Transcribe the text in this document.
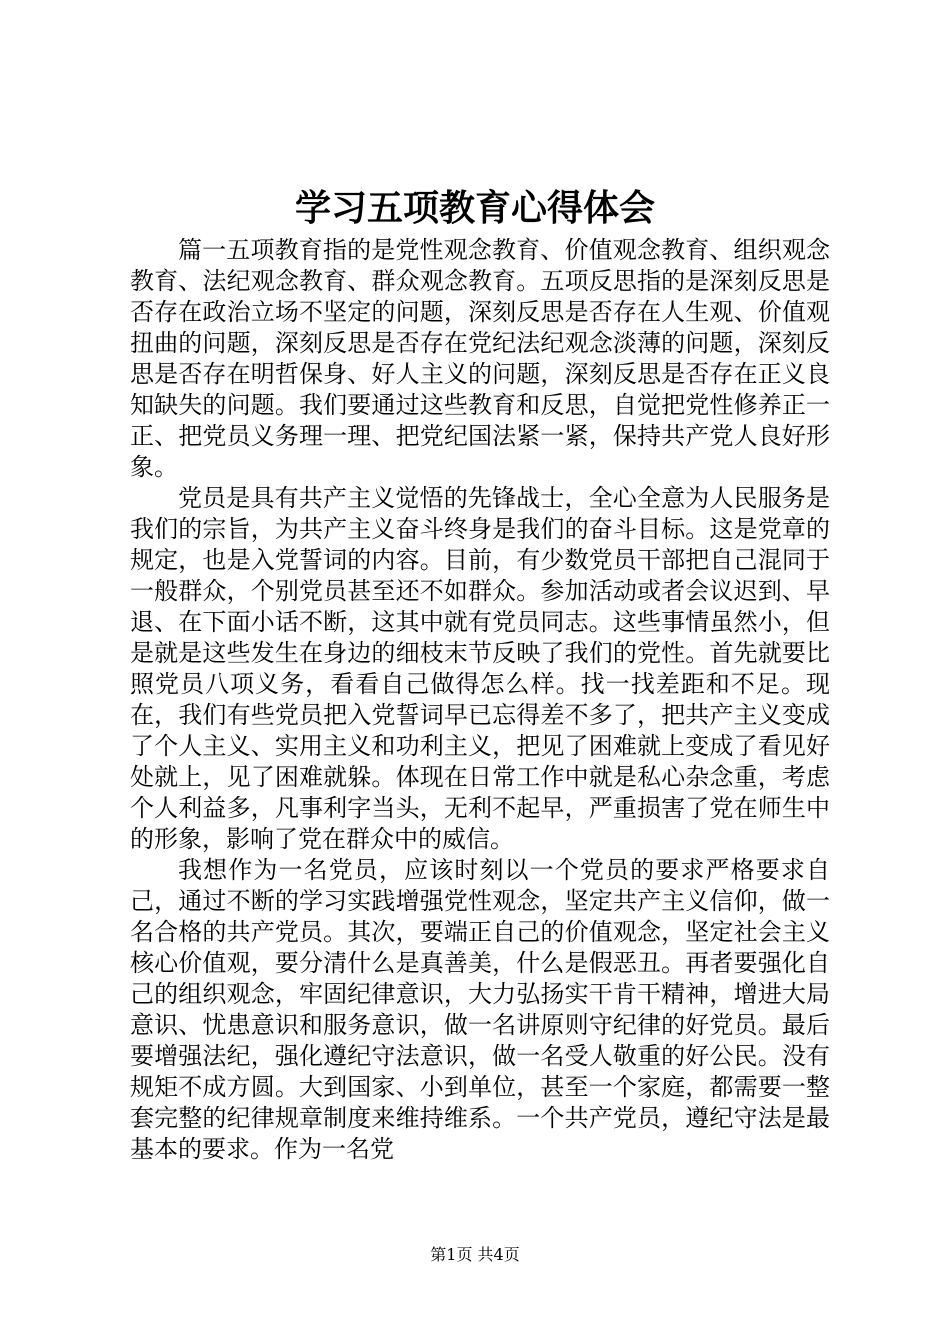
学习五项教育心得体会

篇一五项教育指的是党性观念教育、价值观念教育、组织观念教育、法纪观念教育、群众观念教育。五项反思指的是深刻反思是否存在政治立场不坚定的问题，深刻反思是否存在人生观、价值观扭曲的问题，深刻反思是否存在党纪法纪观念淡薄的问题，深刻反思是否存在明哲保身、好人主义的问题，深刻反思是否存在正义良知缺失的问题。我们要通过这些教育和反思，自觉把党性修养正一正、把党员义务理一理、把党纪国法紧一紧，保持共产党人良好形象。

党员是具有共产主义觉悟的先锋战士，全心全意为人民服务是我们的宗旨，为共产主义奋斗终身是我们的奋斗目标。这是党章的规定，也是入党誓词的内容。目前，有少数党员干部把自己混同于一般群众，个别党员甚至还不如群众。参加活动或者会议迟到、早退、在下面小话不断，这其中就有党员同志。这些事情虽然小，但是就是这些发生在身边的细枝末节反映了我们的党性。首先就要比照党员八项义务，看看自己做得怎么样。找一找差距和不足。现在，我们有些党员把入党誓词早已忘得差不多了，把共产主义变成了个人主义、实用主义和功利主义，把见了困难就上变成了看见好处就上，见了困难就躲。体现在日常工作中就是私心杂念重，考虑个人利益多，凡事利字当头，无利不起早，严重损害了党在师生中的形象，影响了党在群众中的威信。

我想作为一名党员，应该时刻以一个党员的要求严格要求自己，通过不断的学习实践增强党性观念，坚定共产主义信仰，做一名合格的共产党员。其次，要端正自己的价值观念，坚定社会主义核心价值观，要分清什么是真善美，什么是假恶丑。再者要强化自己的组织观念，牢固纪律意识，大力弘扬实干肯干精神，增进大局意识、忧患意识和服务意识，做一名讲原则守纪律的好党员。最后要增强法纪，强化遵纪守法意识，做一名受人敬重的好公民。没有规矩不成方圆。大到国家、小到单位，甚至一个家庭，都需要一整套完整的纪律规章制度来维持维系。一个共产党员，遵纪守法是最基本的要求。作为一名党

第1页 共4页
